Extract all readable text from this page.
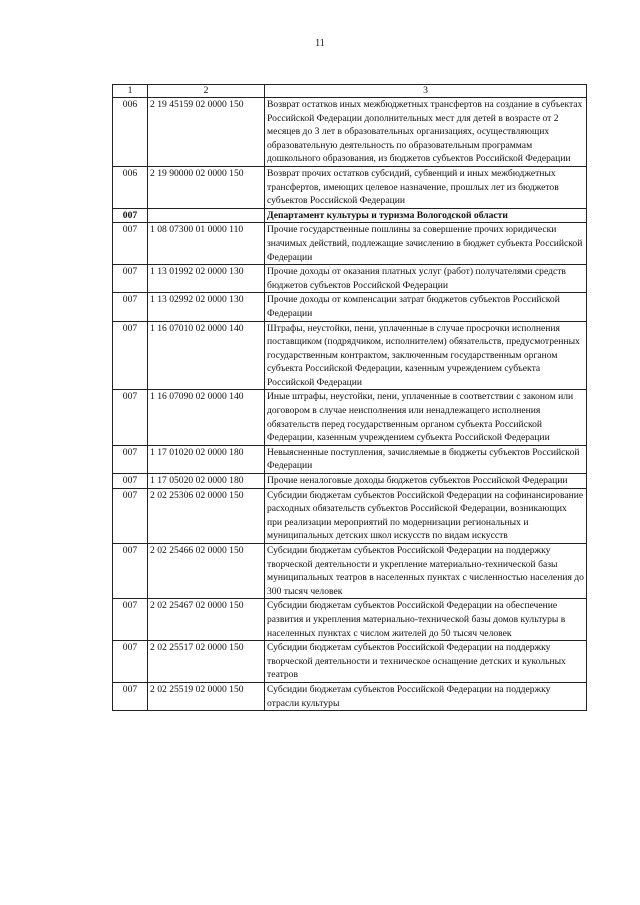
11
1	2	3
006	2 19 45159 02 0000 150	Возврат остатков иных межбюджетных трансфертов на создание в субъектах Российской Федерации дополнительных мест для детей в возрасте от 2 месяцев до 3 лет в образовательных организациях, осуществляющих образовательную деятельность по образовательным программам дошкольного образования, из бюджетов субъектов Российской Федерации
006	2 19 90000 02 0000 150	Возврат прочих остатков субсидий, субвенций и иных межбюджетных трансфертов, имеющих целевое назначение, прошлых лет из бюджетов субъектов Российской Федерации
007		Департамент культуры и туризма Вологодской области
007	1 08 07300 01 0000 110	Прочие государственные пошлины за совершение прочих юридически значимых действий, подлежащие зачислению в бюджет субъекта Российской Федерации
007	1 13 01992 02 0000 130	Прочие доходы от оказания платных услуг (работ) получателями средств бюджетов субъектов Российской Федерации
007	1 13 02992 02 0000 130	Прочие доходы от компенсации затрат бюджетов субъектов Российской Федерации
007	1 16 07010 02 0000 140	Штрафы, неустойки, пени, уплаченные в случае просрочки исполнения поставщиком (подрядчиком, исполнителем) обязательств, предусмотренных государственным контрактом, заключенным государственным органом субъекта Российской Федерации, казенным учреждением субъекта Российской Федерации
007	1 16 07090 02 0000 140	Иные штрафы, неустойки, пени, уплаченные в соответствии с законом или договором в случае неисполнения или ненадлежащего исполнения обязательств перед государственным органом субъекта Российской Федерации, казенным учреждением субъекта Российской Федерации
007	1 17 01020 02 0000 180	Невыясненные поступления, зачисляемые в бюджеты субъектов Российской Федерации
007	1 17 05020 02 0000 180	Прочие неналоговые доходы бюджетов субъектов Российской Федерации
007	2 02 25306 02 0000 150	Субсидии бюджетам субъектов Российской Федерации на софинансирование расходных обязательств субъектов Российской Федерации, возникающих при реализации мероприятий по модернизации региональных и муниципальных детских школ искусств по видам искусств
007	2 02 25466 02 0000 150	Субсидии бюджетам субъектов Российской Федерации на поддержку творческой деятельности и укрепление материально-технической базы муниципальных театров в населенных пунктах с численностью населения до 300 тысяч человек
007	2 02 25467 02 0000 150	Субсидии бюджетам субъектов Российской Федерации на обеспечение развития и укрепления материально-технической базы домов культуры в населенных пунктах с числом жителей до 50 тысяч человек
007	2 02 25517 02 0000 150	Субсидии бюджетам субъектов Российской Федерации на поддержку творческой деятельности и техническое оснащение детских и кукольных театров
007	2 02 25519 02 0000 150	Субсидии бюджетам субъектов Российской Федерации на поддержку отрасли культуры
